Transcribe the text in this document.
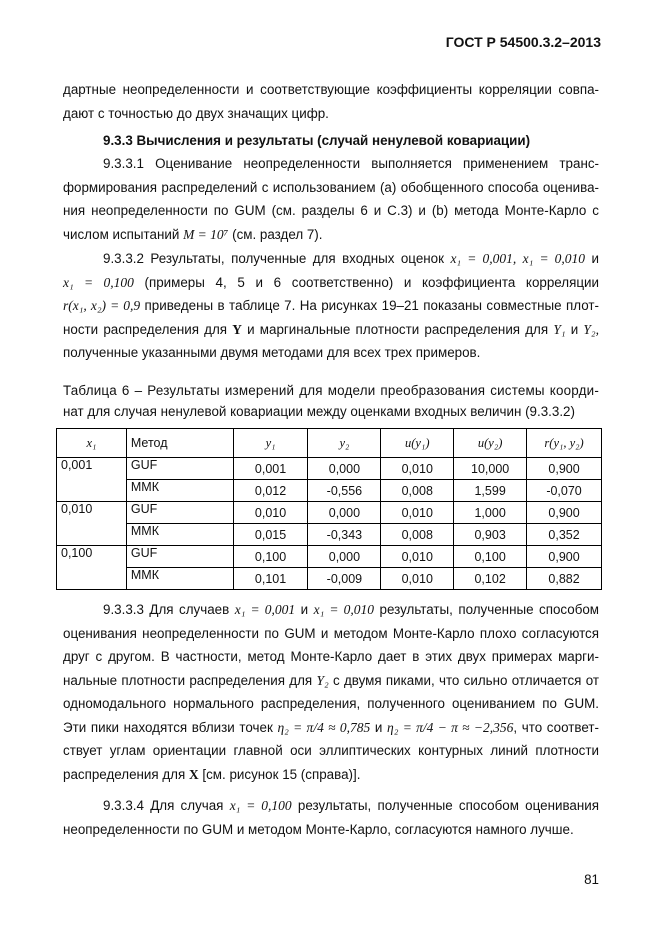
ГОСТ Р 54500.3.2–2013
дартные неопределенности и соответствующие коэффициенты корреляции совпа-
дают с точностью до двух значащих цифр.
9.3.3 Вычисления и результаты (случай ненулевой ковариации)
9.3.3.1 Оценивание неопределенности выполняется применением транс-
формирования распределений с использованием (а) обобщенного способа оценива-
ния неопределенности по GUM (см. разделы 6 и С.3) и (b) метода Монте-Карло с
числом испытаний M = 10⁷ (см. раздел 7).
9.3.3.2 Результаты, полученные для входных оценок x₁ = 0,001, x₁ = 0,010 и
x₁ = 0,100 (примеры 4, 5 и 6 соответственно) и коэффициента корреляции
r(x₁, x₂) = 0,9 приведены в таблице 7. На рисунках 19–21 показаны совместные плот-
ности распределения для Y и маргинальные плотности распределения для Y₁ и Y₂,
полученные указанными двумя методами для всех трех примеров.
Таблица 6 – Результаты измерений для модели преобразования системы коорди-
нат для случая ненулевой ковариации между оценками входных величин (9.3.3.2)
x₁	Метод	y₁	y₂	u(y₁)	u(y₂)	r(y₁, y₂)
0,001	GUF	0,001	0,000	0,010	10,000	0,900
	ММК	0,012	-0,556	0,008	1,599	-0,070
0,010	GUF	0,010	0,000	0,010	1,000	0,900
	ММК	0,015	-0,343	0,008	0,903	0,352
0,100	GUF	0,100	0,000	0,010	0,100	0,900
	ММК	0,101	-0,009	0,010	0,102	0,882
9.3.3.3 Для случаев x₁ = 0,001 и x₁ = 0,010 результаты, полученные способом
оценивания неопределенности по GUM и методом Монте-Карло плохо согласуются
друг с другом. В частности, метод Монте-Карло дает в этих двух примерах марги-
нальные плотности распределения для Y₂ с двумя пиками, что сильно отличается от
одномодального нормального распределения, полученного оцениванием по GUM.
Эти пики находятся вблизи точек η₂ = π/4 ≈ 0,785 и η₂ = π/4 − π ≈ −2,356, что соответ-
ствует углам ориентации главной оси эллиптических контурных линий плотности
распределения для X [см. рисунок 15 (справа)].
9.3.3.4 Для случая x₁ = 0,100 результаты, полученные способом оценивания
неопределенности по GUM и методом Монте-Карло, согласуются намного лучше.
81
